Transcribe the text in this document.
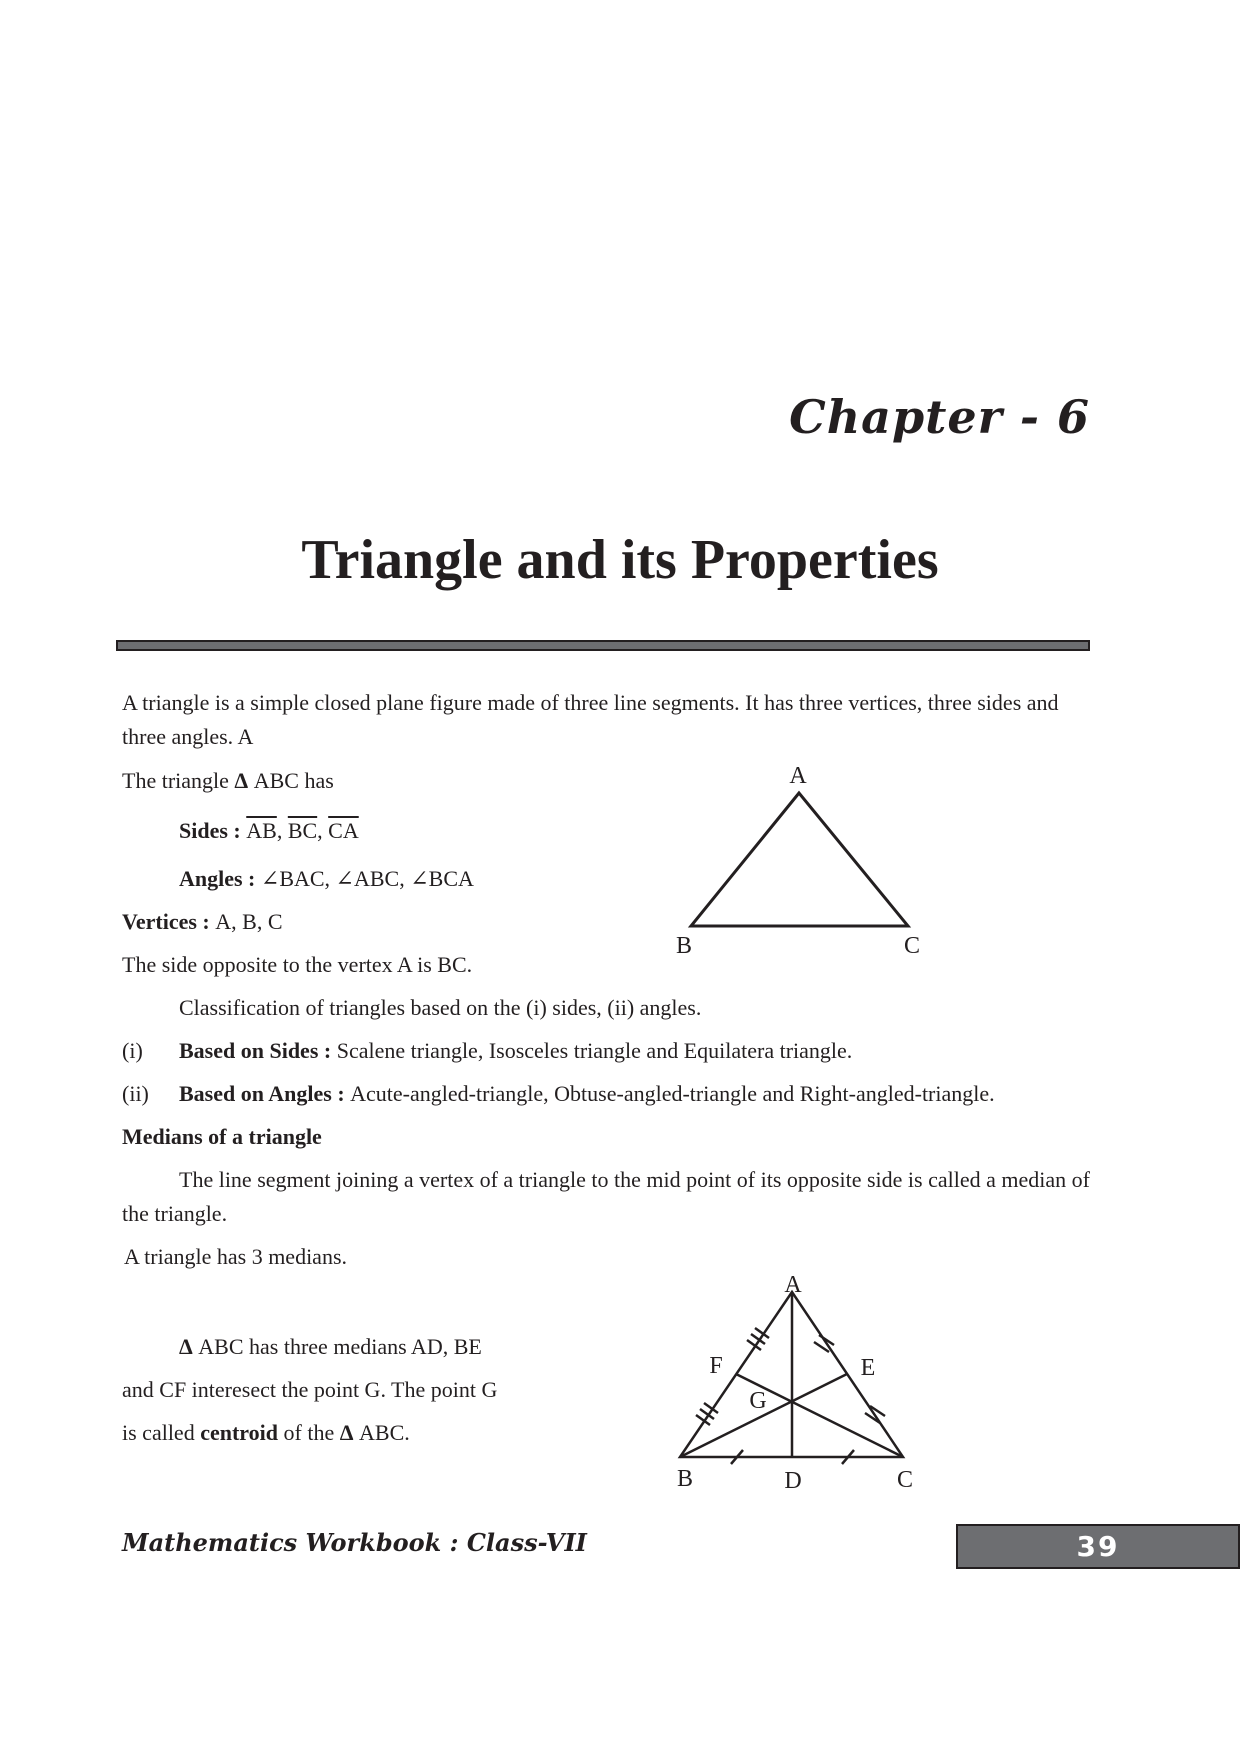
Chapter - 6
Triangle and its Properties
A triangle is a simple closed plane figure made of three line segments. It has three vertices, three sides and
three angles. A
The triangle Δ ABC has
Sides : $\overline{AB}$, $\overline{BC}$, $\overline{CA}$
Angles : ∠BAC, ∠ABC, ∠BCA
Vertices : A, B, C
The side opposite to the vertex A is BC.
Classification of triangles based on the (i) sides, (ii) angles.
(i) Based on Sides : Scalene triangle, Isosceles triangle and Equilatera triangle.
(ii) Based on Angles : Acute-angled-triangle, Obtuse-angled-triangle and Right-angled-triangle.
Medians of a triangle
The line segment joining a vertex of a triangle to the mid point of its opposite side is called a median of
the triangle.
A triangle has 3 medians.
Δ ABC has three medians AD, BE
and CF interesect the point G. The point G
is called centroid of the Δ ABC.
A
B	C
A
B	C
D
E
F
G
Mathematics Workbook : Class-VII	39
